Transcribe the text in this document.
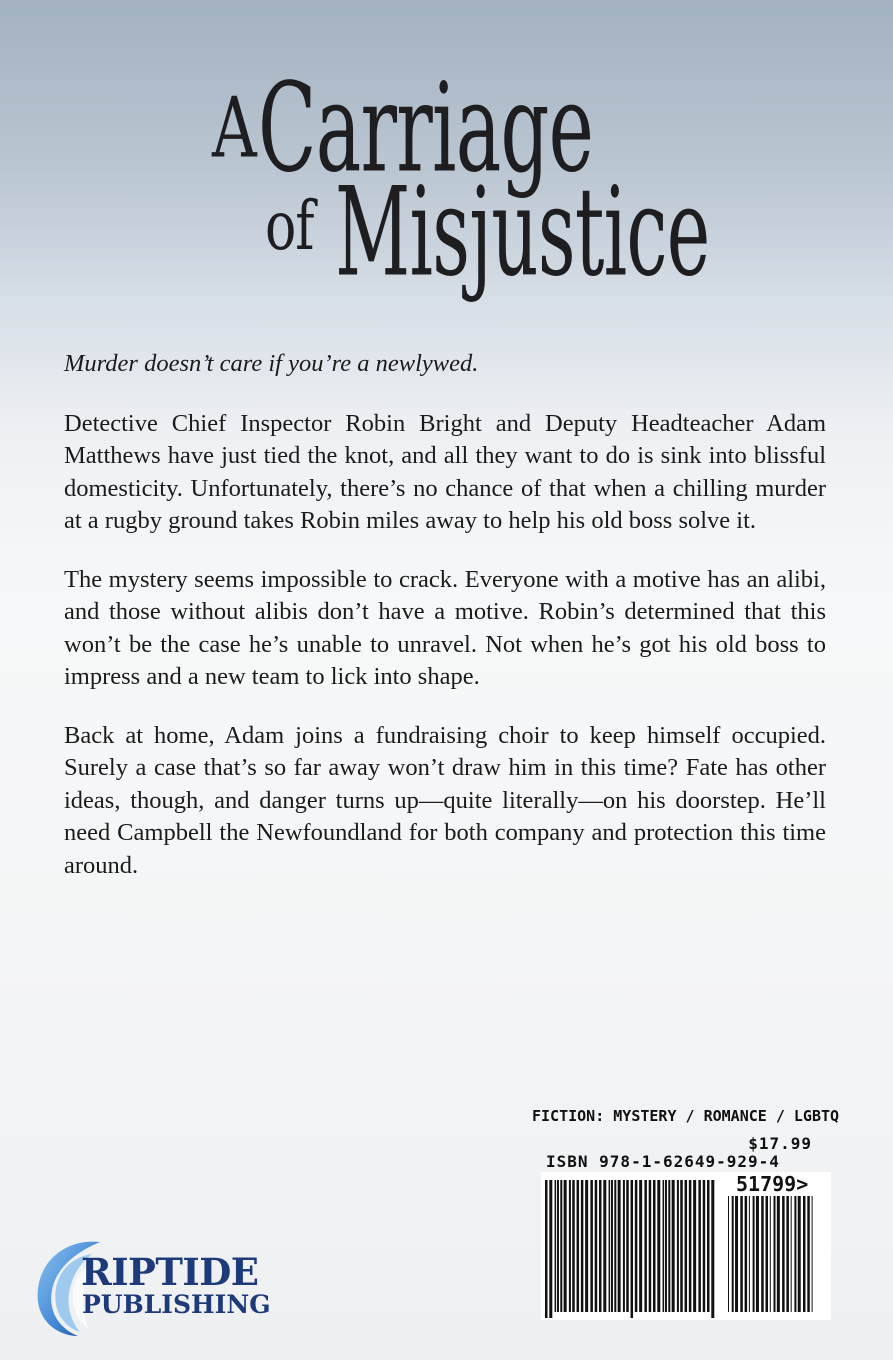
A Carriage
of Misjustice

Murder doesn’t care if you’re a newlywed.

Detective Chief Inspector Robin Bright and Deputy Headteacher Adam Matthews have just tied the knot, and all they want to do is sink into blissful domesticity. Unfortunately, there’s no chance of that when a chilling murder at a rugby ground takes Robin miles away to help his old boss solve it.

The mystery seems impossible to crack. Everyone with a motive has an alibi, and those without alibis don’t have a motive. Robin’s determined that this won’t be the case he’s unable to unravel. Not when he’s got his old boss to impress and a new team to lick into shape.

Back at home, Adam joins a fundraising choir to keep himself occupied. Surely a case that’s so far away won’t draw him in this time? Fate has other ideas, though, and danger turns up—quite literally—on his doorstep. He’ll need Campbell the Newfoundland for both company and protection this time around.

FICTION: MYSTERY / ROMANCE / LGBTQ
$17.99
ISBN 978-1-62649-929-4
51799>
RIPTIDE
PUBLISHING
